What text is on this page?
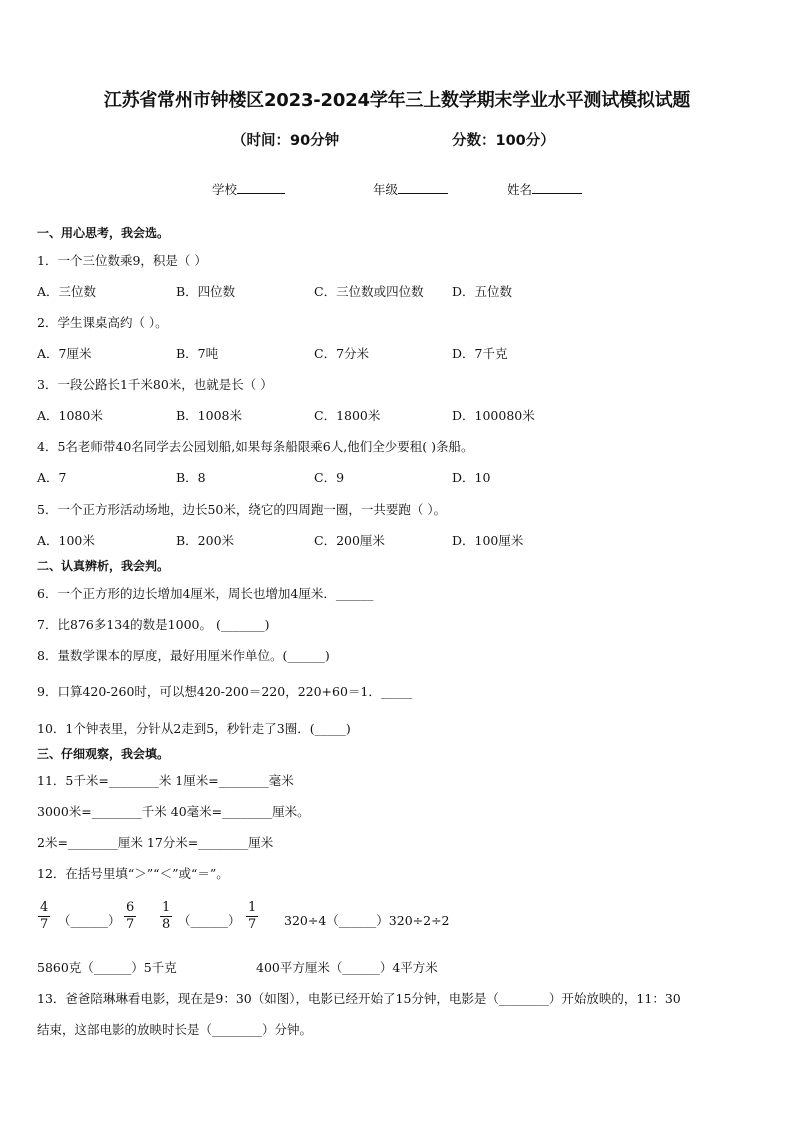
江苏省常州市钟楼区2023-2024学年三上数学期末学业水平测试模拟试题
（时间：90分钟	分数：100分）
学校	年级	姓名
一、用心思考，我会选。
1．一个三位数乘9，积是（ ）
A．三位数	B．四位数	C．三位数或四位数 D．五位数
2．学生课桌高约（ ）。
A．7厘米	B．7吨	C．7分米	D．7千克
3．一段公路长1千米80米，也就是长（ ）
A．1080米	B．1008米	C．1800米	D．100080米
4．5名老师带40名同学去公园划船,如果每条船限乘6人,他们全少要租( )条船。
A．7	B．8	C．9	D．10
5．一个正方形活动场地，边长50米，绕它的四周跑一圈，一共要跑（ ）。
A．100米	B．200米	C．200厘米	D．100厘米
二、认真辨析，我会判。
6．一个正方形的边长增加4厘米，周长也增加4厘米．______
7．比876多134的数是1000。 (_______)
8．量数学课本的厚度，最好用厘米作单位。(______)
9．口算420-260时，可以想420-200＝220，220+60＝1．_____
10．1个钟表里，分针从2走到5，秒针走了3圈．(_____)
三、仔细观察，我会填。
11．5千米=________米 1厘米=________毫米
3000米=________千米 40毫米=________厘米。
2米=________厘米 17分米=________厘米
12．在括号里填“＞”“＜”或“＝”。
$\frac{4}{7}$ （______） $\frac{6}{7} \frac{1}{8}$ （______） $\frac{1}{7}$ 320÷4（______）320÷2÷2
5860克（______）5千克	400平方厘米（______）4平方米
13．爸爸陪琳琳看电影，现在是9：30（如图），电影已经开始了15分钟，电影是（________）开始放映的，11：30
结束，这部电影的放映时长是（________）分钟。
